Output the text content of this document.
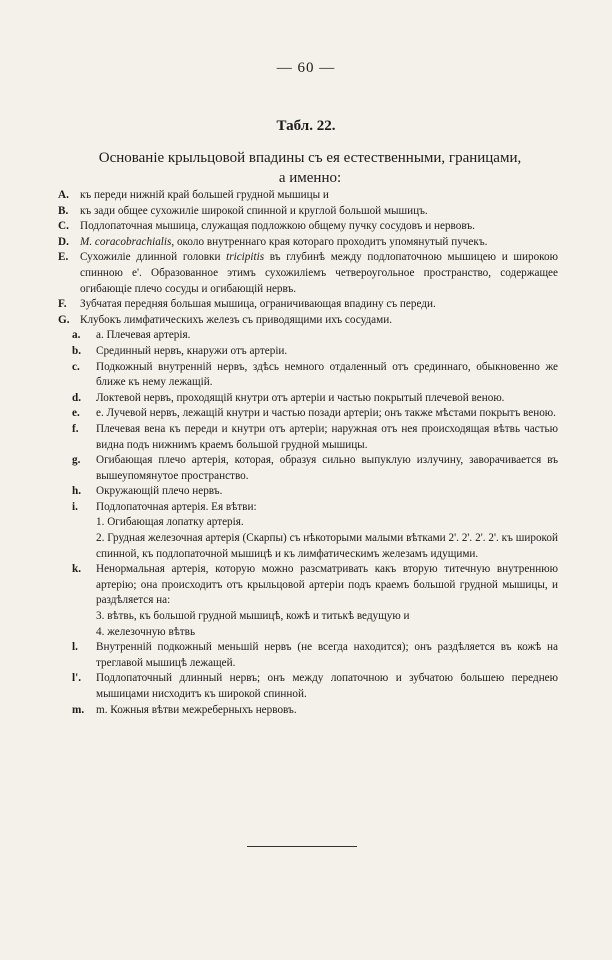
— 60 —
Табл. 22.
Основаніе крыльцовой впадины съ ея естественными, границами,
а именно:
A. къ переди нижній край большей грудной мышицы и
B. къ зади общее сухожиліе широкой спинной и круглой большой мышицъ.
C. Подлопаточная мышица, служащая подложкою общему пучку сосудовъ и нервовъ.
D. M. coracobrachialis, около внутреннаго края котораго проходитъ упомянутый пучекъ.
E. Сухожиліе длинной головки tricipitis въ глубинѣ между подлопаточною мышицею и широкою спинною e'. Образованное этимъ сухожиліемъ четвероугольное пространство, содержащее огибающіе плечо сосуды и огибающій нервъ.
F. Зубчатая передняя большая мышица, ограничивающая впадину съ переди.
G. Клубокъ лимфатическихъ железъ съ приводящими ихъ сосудами.
a. a. Плечевая артерія.
b. Срединный нервъ, кнаружи отъ артеріи.
c. Подкожный внутренній нервъ, здѣсь немного отдаленный отъ срединнаго, обыкновенно же ближе къ нему лежащій.
d. Локтевой нервъ, проходящій кнутри отъ артеріи и частью покрытый плечевой веною.
e. e. Лучевой нервъ, лежащій кнутри и частью позади артеріи; онъ также мѣстами покрытъ веною.
f. Плечевая вена къ переди и кнутри отъ артеріи; наружная отъ нея происходящая вѣтвь частью видна подъ нижнимъ краемъ большой грудной мышицы.
g. Огибающая плечо артерія, которая, образуя сильно выпуклую излучину, заворачивается въ вышеупомянутое пространство.
h. Окружающій плечо нервъ.
i. Подлопаточная артерія. Ея вѣтви:
1. Огибающая лопатку артерія.
2. Грудная железочная артерія (Скарпы) съ нѣкоторыми малыми вѣтками 2'. 2'. 2'. 2'. къ широкой спинной, къ подлопаточной мышицѣ и къ лимфатическимъ железамъ идущими.
k. Ненормальная артерія, которую можно разсматривать какъ вторую титечную внутреннюю артерію; она происходитъ отъ крыльцовой артеріи подъ краемъ большой грудной мышицы, и раздѣляется на:
3. вѣтвь, къ большой грудной мышицѣ, кожѣ и титькѣ ведущую и
4. железочную вѣтвь
l. Внутренній подкожный меньшій нервъ (не всегда находится); онъ раздѣляется въ кожѣ на треглавой мышицѣ лежащей.
l'. Подлопаточный длинный нервъ; онъ между лопаточною и зубчатою большею переднею мышицами нисходитъ къ широкой спинной.
m. m. Кожныя вѣтви межреберныхъ нервовъ.
